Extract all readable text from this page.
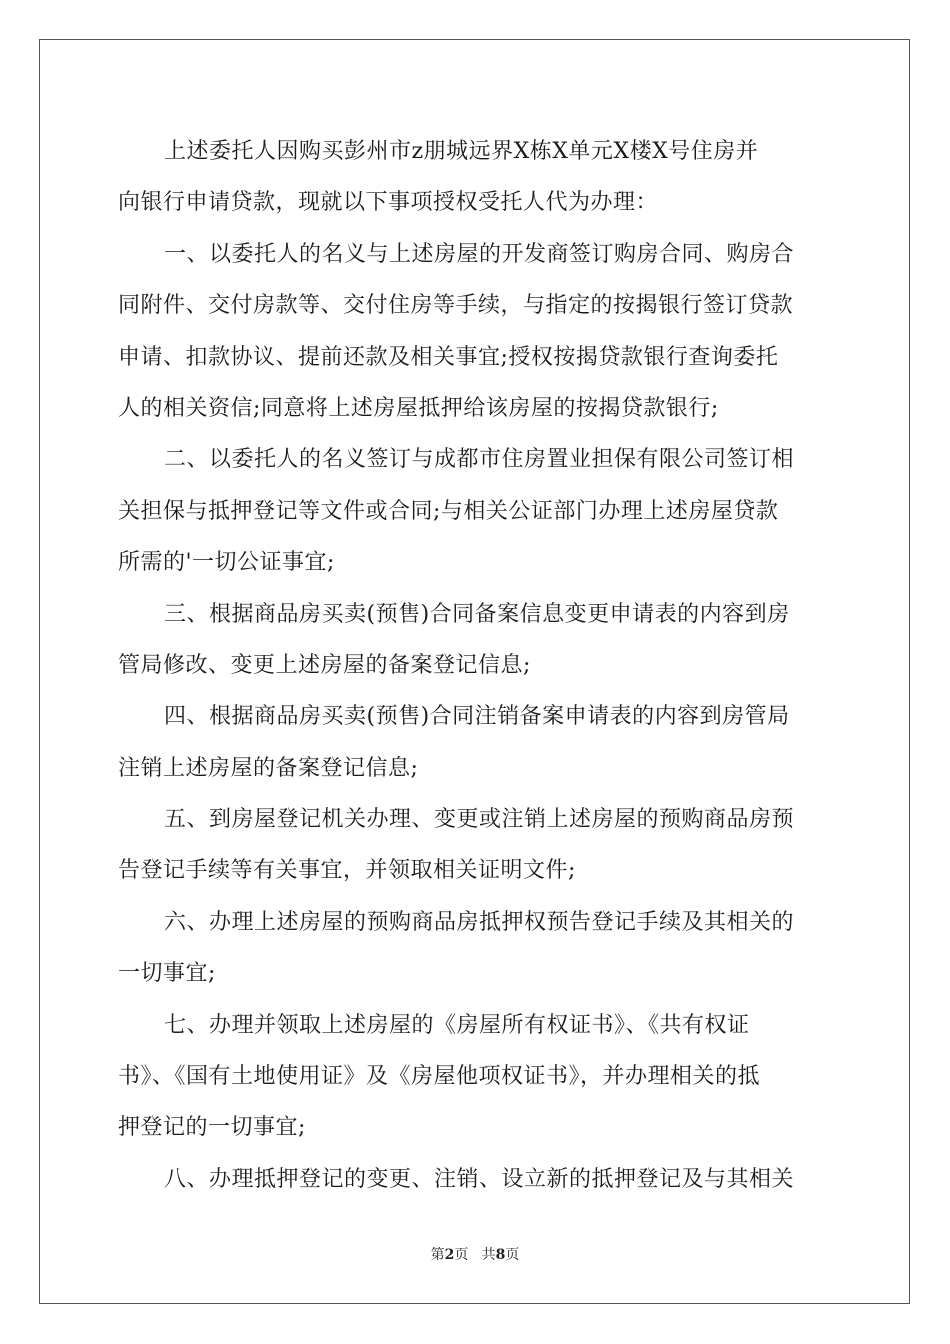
上述委托人因购买彭州市z朋城远界X栋X单元X楼X号住房并
向银行申请贷款，现就以下事项授权受托人代为办理：
一、以委托人的名义与上述房屋的开发商签订购房合同、购房合
同附件、交付房款等、交付住房等手续，与指定的按揭银行签订贷款
申请、扣款协议、提前还款及相关事宜;授权按揭贷款银行查询委托
人的相关资信;同意将上述房屋抵押给该房屋的按揭贷款银行;
二、以委托人的名义签订与成都市住房置业担保有限公司签订相
关担保与抵押登记等文件或合同;与相关公证部门办理上述房屋贷款
所需的'一切公证事宜;
三、根据商品房买卖(预售)合同备案信息变更申请表的内容到房
管局修改、变更上述房屋的备案登记信息;
四、根据商品房买卖(预售)合同注销备案申请表的内容到房管局
注销上述房屋的备案登记信息;
五、到房屋登记机关办理、变更或注销上述房屋的预购商品房预
告登记手续等有关事宜，并领取相关证明文件;
六、办理上述房屋的预购商品房抵押权预告登记手续及其相关的
一切事宜;
七、办理并领取上述房屋的《房屋所有权证书》、《共有权证
书》、《国有土地使用证》及《房屋他项权证书》，并办理相关的抵
押登记的一切事宜;
八、办理抵押登记的变更、注销、设立新的抵押登记及与其相关
第2页 共8页
